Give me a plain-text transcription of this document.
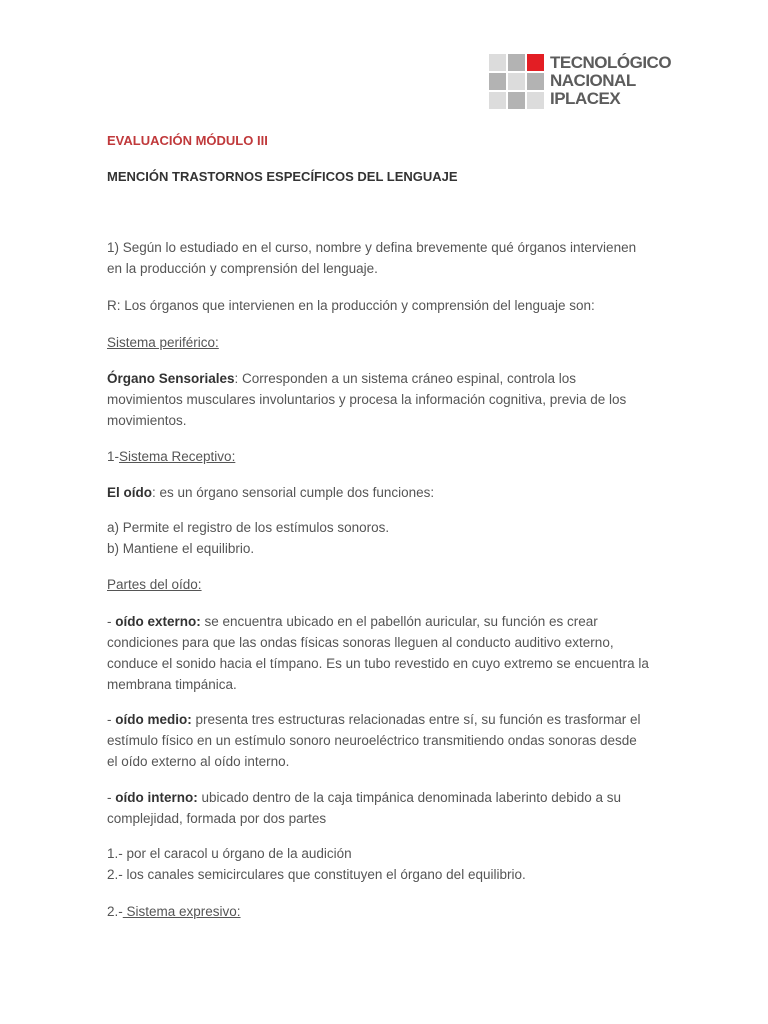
TECNOLÓGICO
NACIONAL
IPLACEX
EVALUACIÓN MÓDULO III
MENCIÓN TRASTORNOS ESPECÍFICOS DEL LENGUAJE
1) Según lo estudiado en el curso, nombre y defina brevemente qué órganos intervienen
en la producción y comprensión del lenguaje.
R: Los órganos que intervienen en la producción y comprensión del lenguaje son:
Sistema periférico:
Órgano Sensoriales: Corresponden a un sistema cráneo espinal, controla los
movimientos musculares involuntarios y procesa la información cognitiva, previa de los
movimientos.
1-Sistema Receptivo:
El oído: es un órgano sensorial cumple dos funciones:
a) Permite el registro de los estímulos sonoros.
b) Mantiene el equilibrio.
Partes del oído:
- oído externo: se encuentra ubicado en el pabellón auricular, su función es crear
condiciones para que las ondas físicas sonoras lleguen al conducto auditivo externo,
conduce el sonido hacia el tímpano. Es un tubo revestido en cuyo extremo se encuentra la
membrana timpánica.
- oído medio: presenta tres estructuras relacionadas entre sí, su función es trasformar el
estímulo físico en un estímulo sonoro neuroeléctrico transmitiendo ondas sonoras desde
el oído externo al oído interno.
- oído interno: ubicado dentro de la caja timpánica denominada laberinto debido a su
complejidad, formada por dos partes
1.- por el caracol u órgano de la audición
2.- los canales semicirculares que constituyen el órgano del equilibrio.
2.- Sistema expresivo:
